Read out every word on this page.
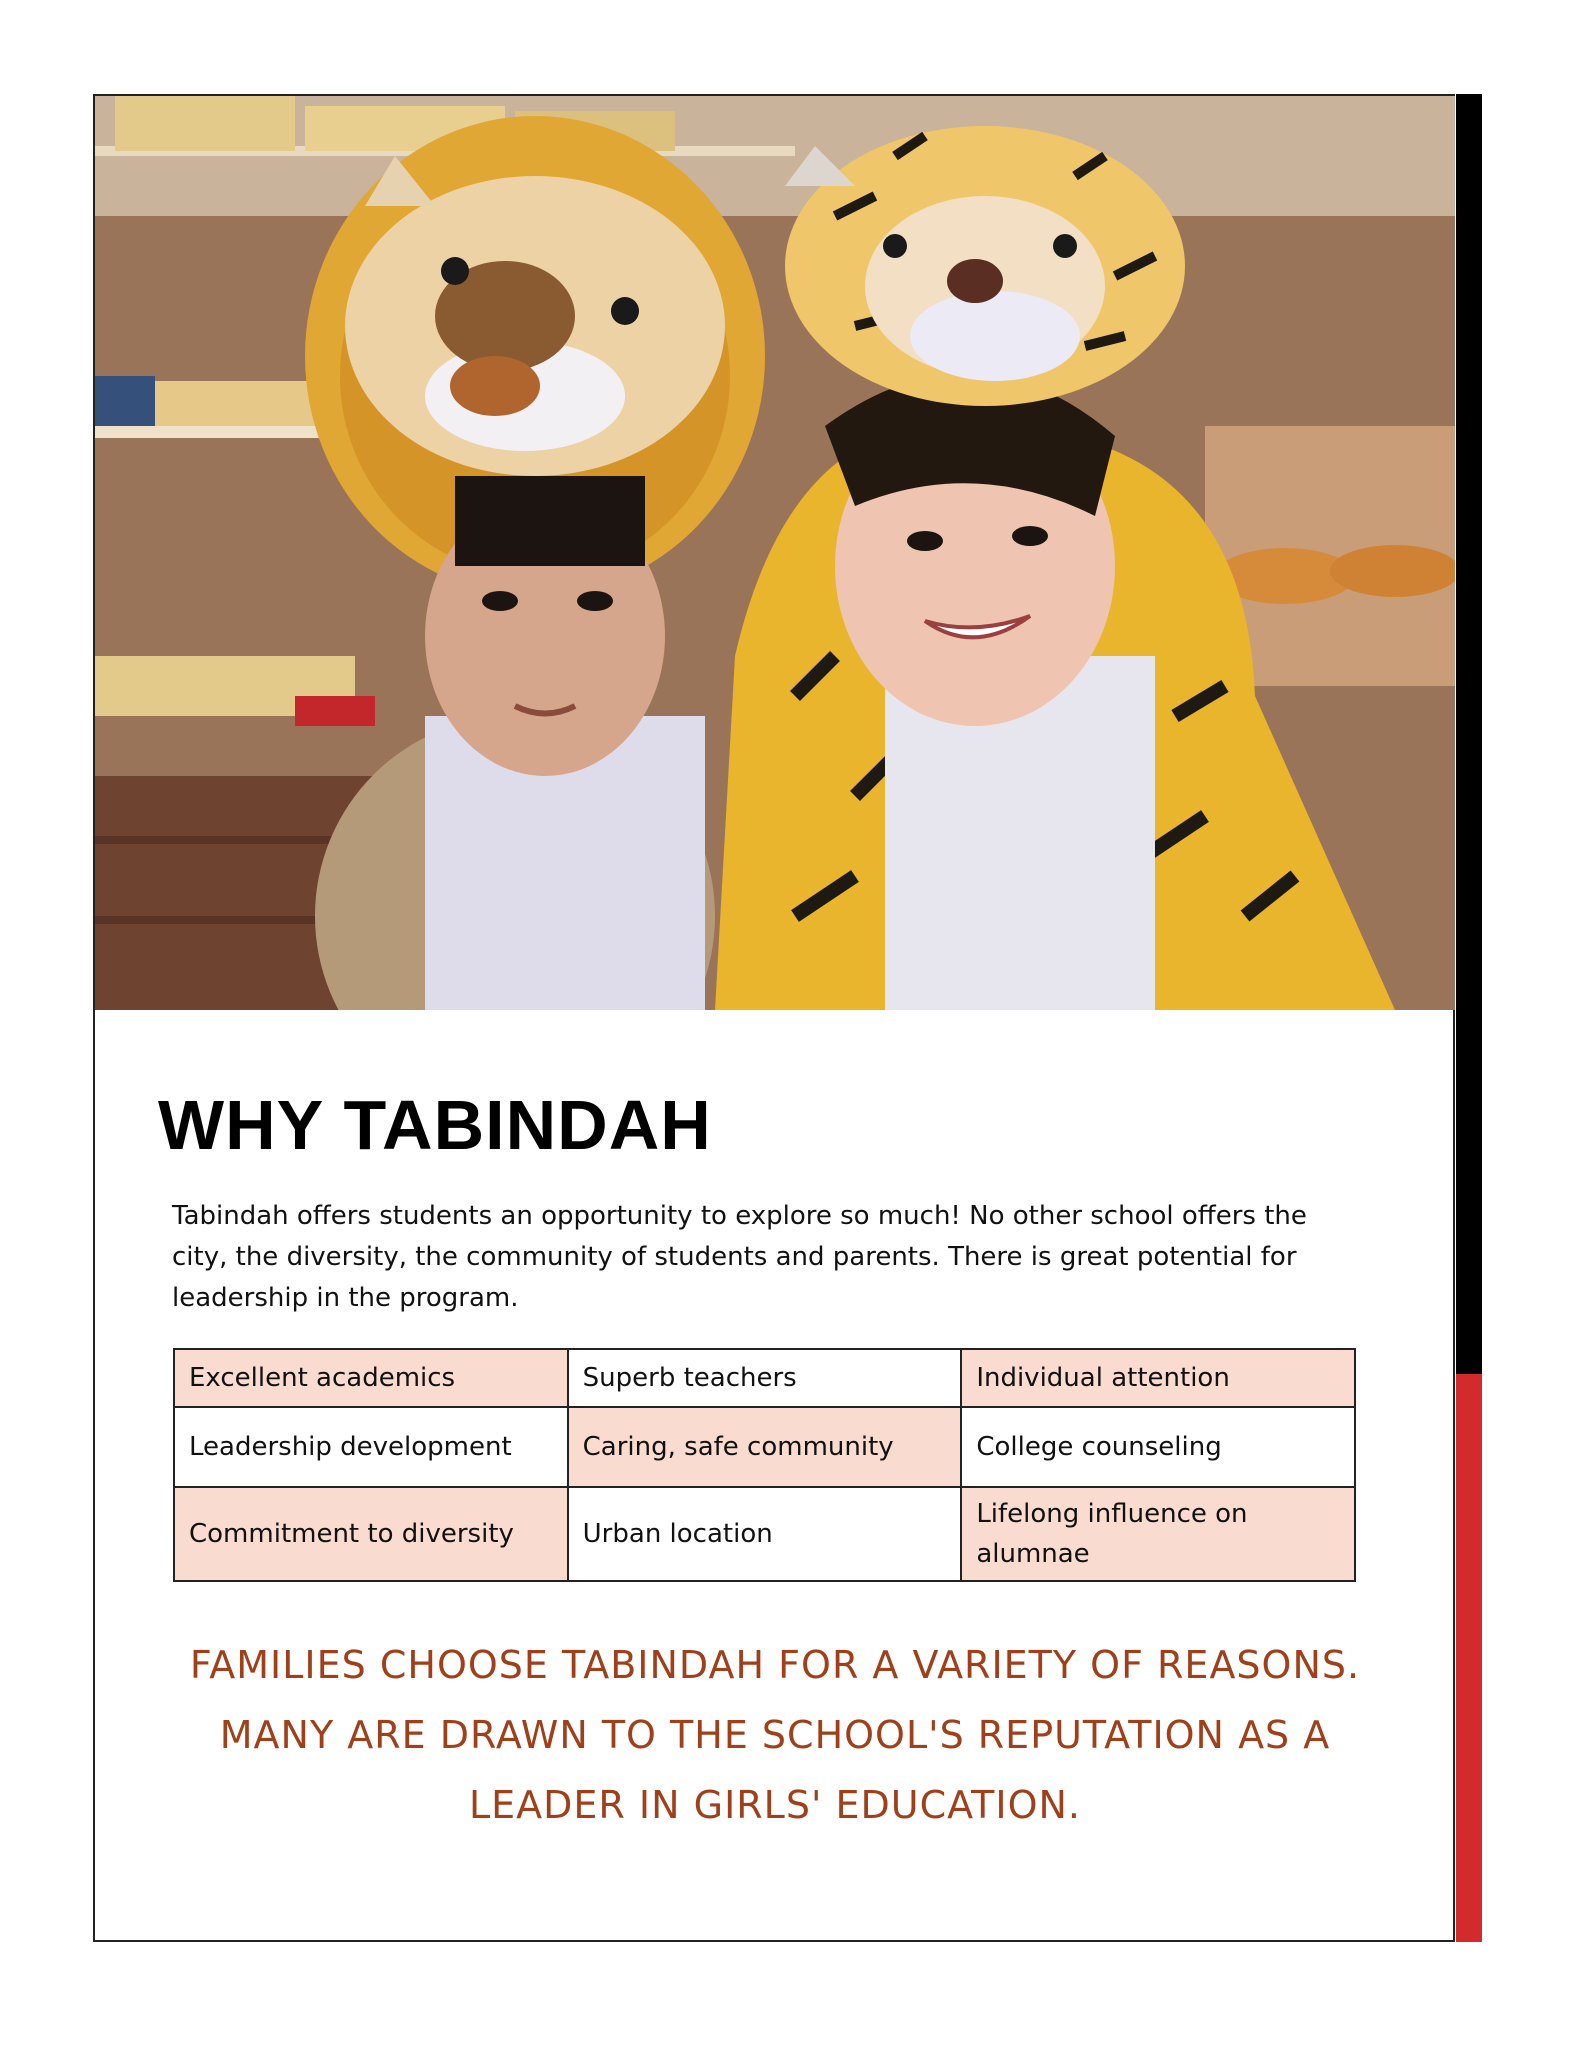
WHY TABINDAH

Tabindah offers students an opportunity to explore so much! No other school offers the city, the diversity, the community of students and parents. There is great potential for leadership in the program.

Excellent academics	Superb teachers	Individual attention
Leadership development	Caring, safe community	College counseling
Commitment to diversity	Urban location	Lifelong influence on alumnae

FAMILIES CHOOSE TABINDAH FOR A VARIETY OF REASONS. MANY ARE DRAWN TO THE SCHOOL'S REPUTATION AS A LEADER IN GIRLS' EDUCATION.
